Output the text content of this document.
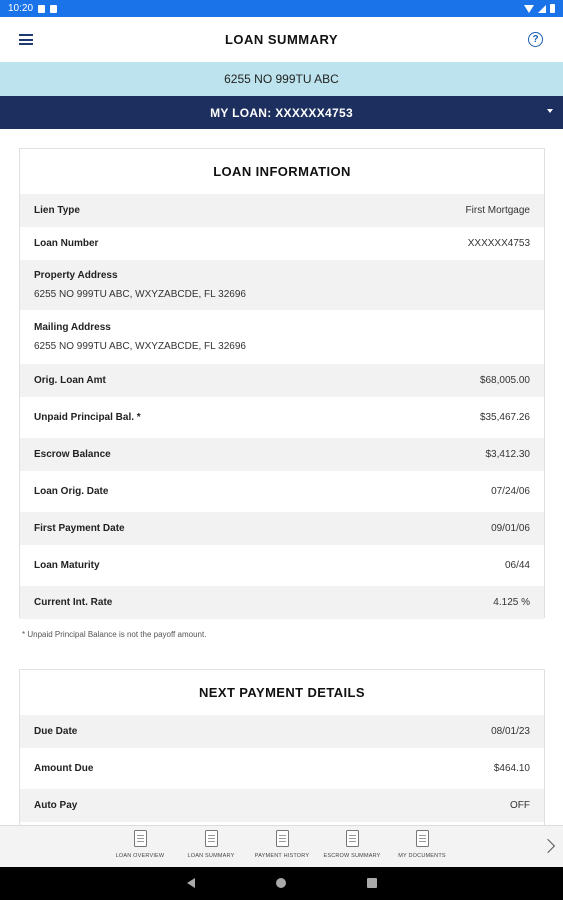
10:20
LOAN SUMMARY	?
6255 NO 999TU ABC
MY LOAN: XXXXXX4753
LOAN INFORMATION
Lien Type	First Mortgage
Loan Number	XXXXXX4753
Property Address
6255 NO 999TU ABC, WXYZABCDE, FL 32696
Mailing Address
6255 NO 999TU ABC, WXYZABCDE, FL 32696
Orig. Loan Amt	$68,005.00
Unpaid Principal Bal. *	$35,467.26
Escrow Balance	$3,412.30
Loan Orig. Date	07/24/06
First Payment Date	09/01/06
Loan Maturity	06/44
Current Int. Rate	4.125 %
* Unpaid Principal Balance is not the payoff amount.
NEXT PAYMENT DETAILS
Due Date	08/01/23
Amount Due	$464.10
Auto Pay	OFF
LOAN OVERVIEW	LOAN SUMMARY	PAYMENT HISTORY	ESCROW SUMMARY	MY DOCUMENTS
